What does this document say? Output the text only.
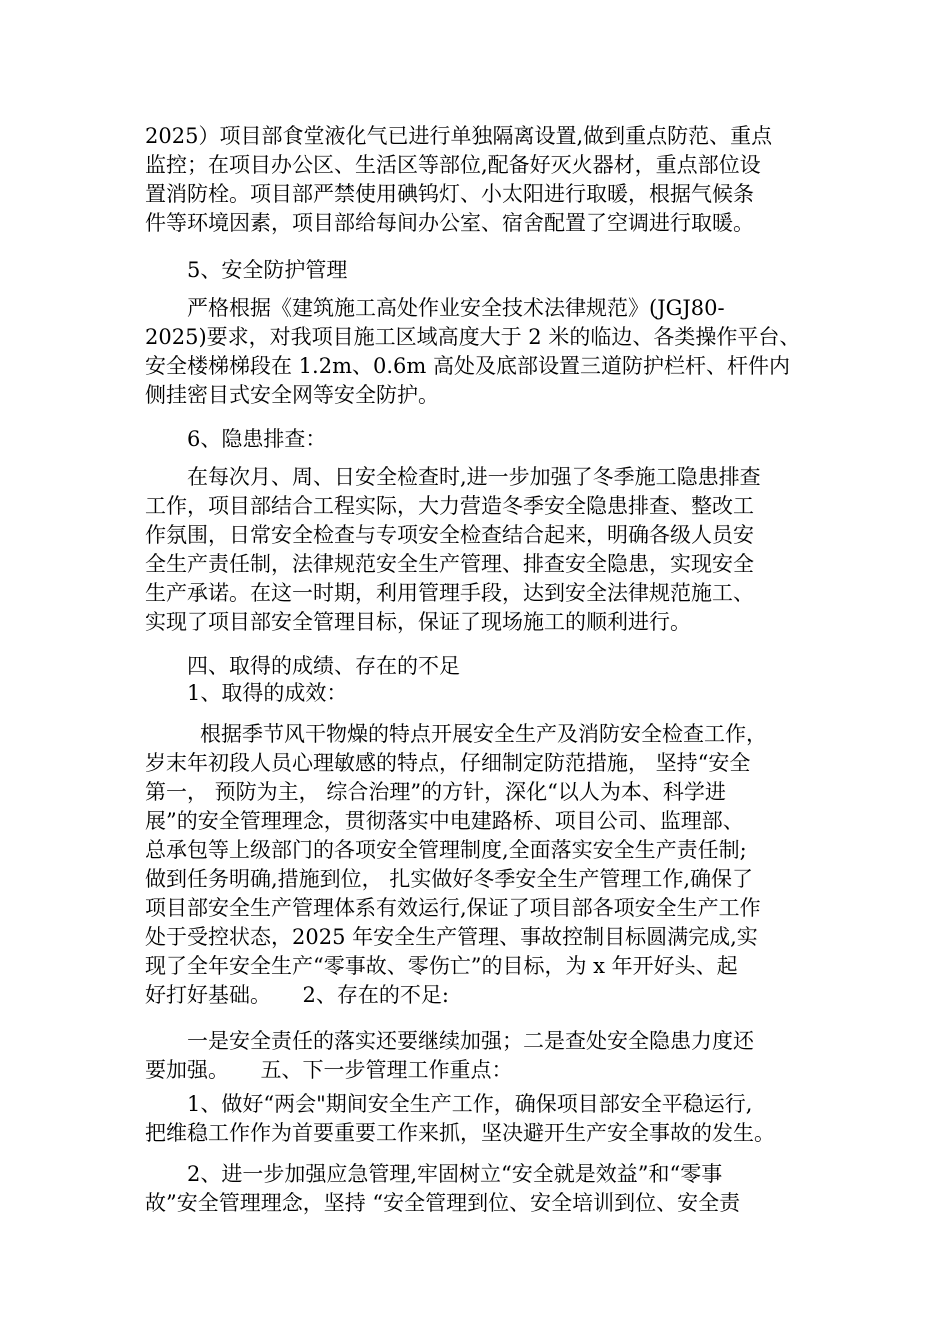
2025）项目部食堂液化气已进行单独隔离设置,做到重点防范、重点
监控；在项目办公区、生活区等部位,配备好灭火器材，重点部位设
置消防栓。项目部严禁使用碘钨灯、小太阳进行取暖，根据气候条
件等环境因素，项目部给每间办公室、宿舍配置了空调进行取暖。
5、安全防护管理
严格根据《建筑施工高处作业安全技术法律规范》(JGJ80-
2025)要求，对我项目施工区域高度大于 2 米的临边、各类操作平台、
安全楼梯梯段在 1.2m、0.6m 高处及底部设置三道防护栏杆、杆件内
侧挂密目式安全网等安全防护。
6、隐患排查：
在每次月、周、日安全检查时,进一步加强了冬季施工隐患排查
工作，项目部结合工程实际，大力营造冬季安全隐患排查、整改工
作氛围，日常安全检查与专项安全检查结合起来，明确各级人员安
全生产责任制，法律规范安全生产管理、排查安全隐患，实现安全
生产承诺。在这一时期，利用管理手段，达到安全法律规范施工、
实现了项目部安全管理目标，保证了现场施工的顺利进行。
四、取得的成绩、存在的不足
1、取得的成效：
根据季节风干物燥的特点开展安全生产及消防安全检查工作，
岁末年初段人员心理敏感的特点，仔细制定防范措施， 坚持“安全
第一， 预防为主， 综合治理”的方针，深化“以人为本、科学进
展”的安全管理理念，贯彻落实中电建路桥、项目公司、监理部、
总承包等上级部门的各项安全管理制度,全面落实安全生产责任制;
做到任务明确,措施到位， 扎实做好冬季安全生产管理工作,确保了
项目部安全生产管理体系有效运行,保证了项目部各项安全生产工作
处于受控状态，2025 年安全生产管理、事故控制目标圆满完成,实
现了全年安全生产“零事故、零伤亡”的目标，为 x 年开好头、起
好打好基础。　　2、存在的不足:
一是安全责任的落实还要继续加强；二是查处安全隐患力度还
要加强。　　五、下一步管理工作重点：
1、做好“两会"期间安全生产工作，确保项目部安全平稳运行,
把维稳工作作为首要重要工作来抓，坚决避开生产安全事故的发生。
2、进一步加强应急管理,牢固树立“安全就是效益”和“零事
故”安全管理理念，坚持 “安全管理到位、安全培训到位、安全责
